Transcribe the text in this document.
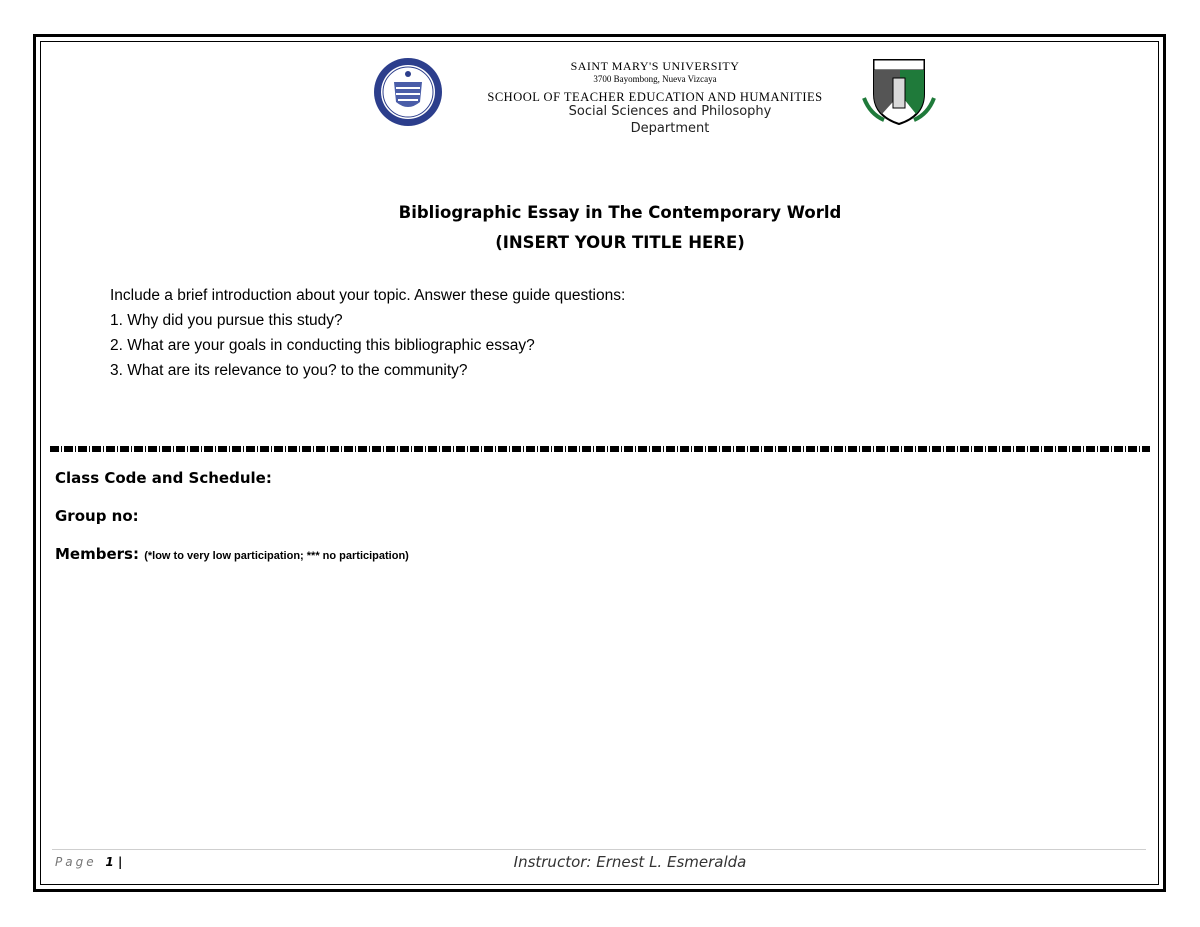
1947
SAINT MARY'S UNIVERSITY
3700 Bayombong, Nueva Vizcaya
SCHOOL OF TEACHER EDUCATION AND HUMANITIES
Social Sciences and Philosophy
Department
Bibliographic Essay in The Contemporary World
(INSERT YOUR TITLE HERE)
Include a brief introduction about your topic. Answer these guide questions:
1. Why did you pursue this study?
2. What are your goals in conducting this bibliographic essay?
3. What are its relevance to you? to the community?
Class Code and Schedule:
Group no:
Members: (*low to very low participation; *** no participation)
Page 1 |	Instructor: Ernest L. Esmeralda
